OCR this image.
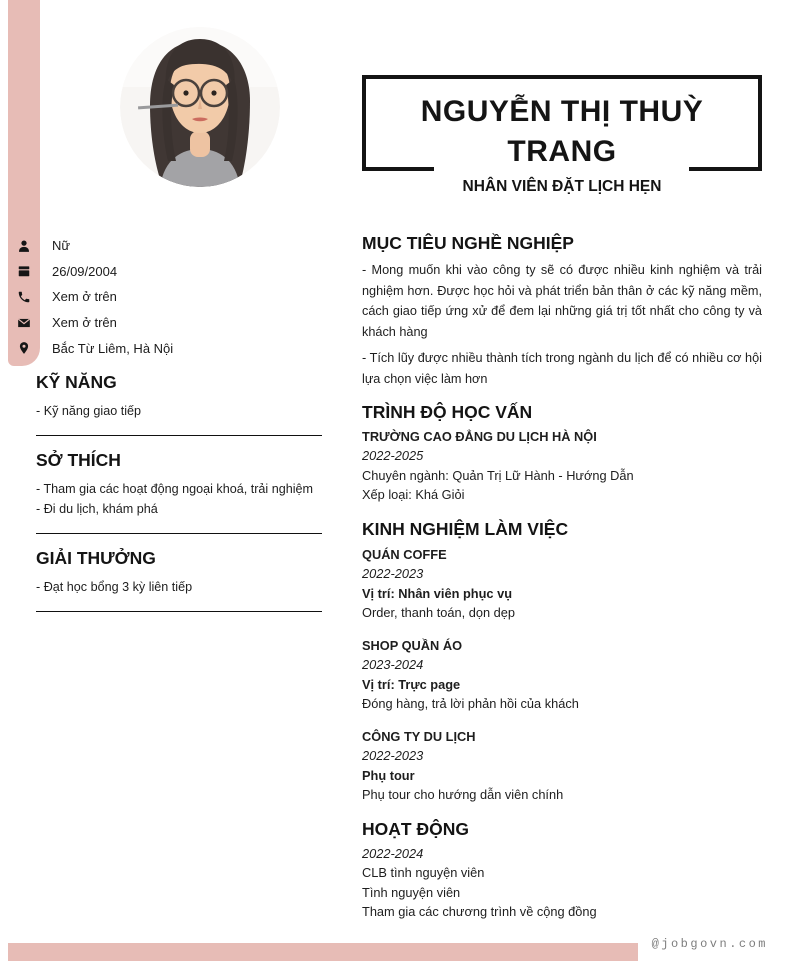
NGUYỄN THỊ THUỲ
TRANG

NHÂN VIÊN ĐẶT LỊCH HẸN

Nữ
26/09/2004
Xem ở trên
Xem ở trên
Bắc Từ Liêm, Hà Nội
KỸ NĂNG
- Kỹ năng giao tiếp
SỞ THÍCH
- Tham gia các hoạt động ngoại khoá, trải nghiệm
- Đi du lịch, khám phá
GIẢI THƯỞNG
- Đạt học bổng 3 kỳ liên tiếp
MỤC TIÊU NGHỀ NGHIỆP

- Mong muốn khi vào công ty sẽ có được nhiều kinh nghiệm và trải nghiệm hơn. Được học hỏi và phát triển bản thân ở các kỹ năng mềm, cách giao tiếp ứng xử để đem lại những giá trị tốt nhất cho công ty và khách hàng

- Tích lũy được nhiều thành tích trong ngành du lịch để có nhiều cơ hội lựa chọn việc làm hơn

TRÌNH ĐỘ HỌC VẤN
TRƯỜNG CAO ĐẲNG DU LỊCH HÀ NỘI
2022-2025
Chuyên ngành: Quản Trị Lữ Hành - Hướng Dẫn
Xếp loại: Khá Giỏi
KINH NGHIỆM LÀM VIỆC
QUÁN COFFE
2022-2023
Vị trí: Nhân viên phục vụ
Order, thanh toán, dọn dẹp
SHOP QUẦN ÁO
2023-2024
Vị trí: Trực page
Đóng hàng, trả lời phản hồi của khách
CÔNG TY DU LỊCH
2022-2023
Phụ tour
Phụ tour cho hướng dẫn viên chính
HOẠT ĐỘNG
2022-2024
CLB tình nguyện viên
Tình nguyện viên
Tham gia các chương trình về cộng đồng
@jobgovn.com
